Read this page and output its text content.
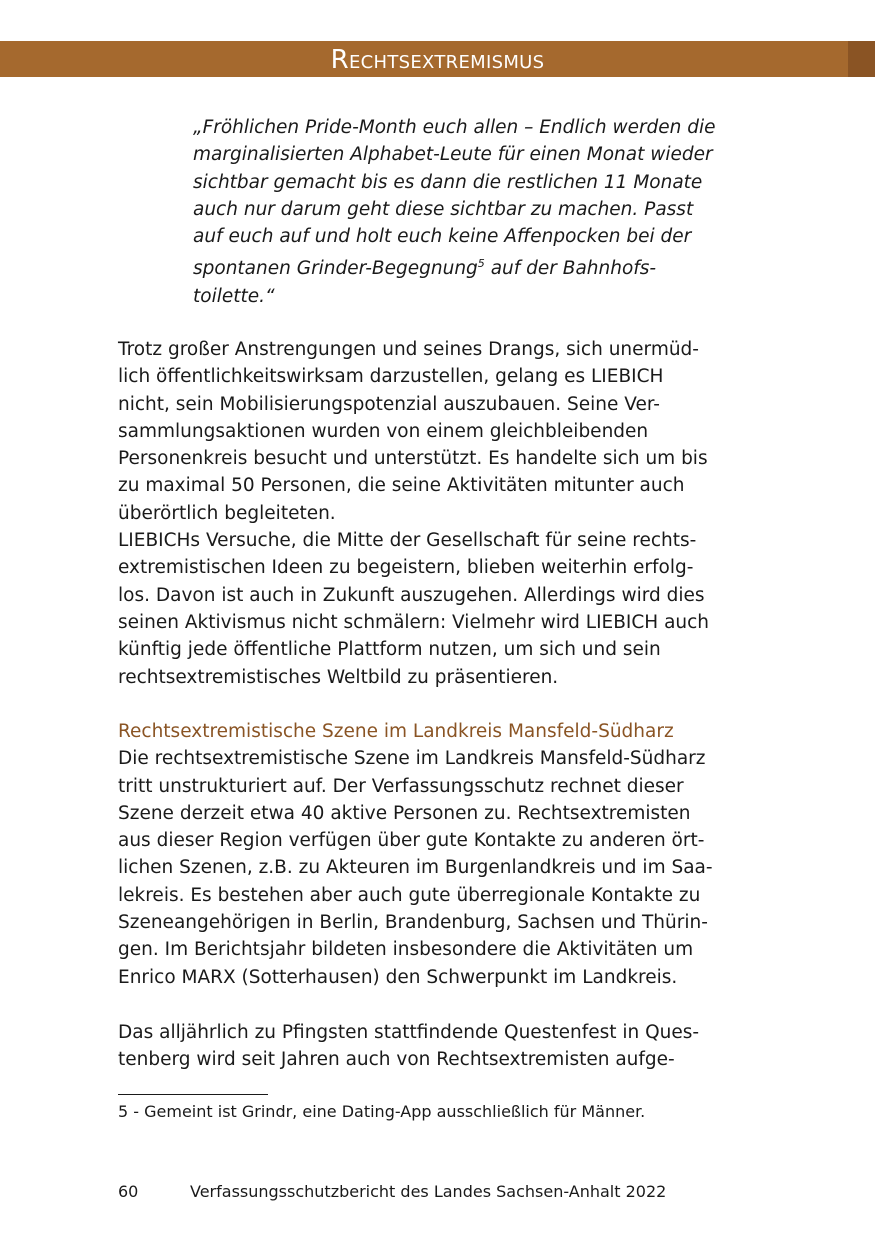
Rechtsextremismus

„Fröhlichen Pride-Month euch allen – Endlich werden die

marginalisierten Alphabet-Leute für einen Monat wieder

sichtbar gemacht bis es dann die restlichen 11 Monate

auch nur darum geht diese sichtbar zu machen. Passt

auf euch auf und holt euch keine Affenpocken bei der

spontanen Grinder-Begegnung$^5$ auf der Bahnhofs-

toilette.“

Trotz großer Anstrengungen und seines Drangs, sich unermüd-

lich öffentlichkeitswirksam darzustellen, gelang es LIEBICH

nicht, sein Mobilisierungspotenzial auszubauen. Seine Ver-

sammlungsaktionen wurden von einem gleichbleibenden

Personenkreis besucht und unterstützt. Es handelte sich um bis

zu maximal 50 Personen, die seine Aktivitäten mitunter auch

überörtlich begleiteten.

LIEBICHs Versuche, die Mitte der Gesellschaft für seine rechts-

extremistischen Ideen zu begeistern, blieben weiterhin erfolg-

los. Davon ist auch in Zukunft auszugehen. Allerdings wird dies

seinen Aktivismus nicht schmälern: Vielmehr wird LIEBICH auch

künftig jede öffentliche Plattform nutzen, um sich und sein

rechtsextremistisches Weltbild zu präsentieren.

Rechtsextremistische Szene im Landkreis Mansfeld-Südharz

Die rechtsextremistische Szene im Landkreis Mansfeld-Südharz

tritt unstrukturiert auf. Der Verfassungsschutz rechnet dieser

Szene derzeit etwa 40 aktive Personen zu. Rechtsextremisten

aus dieser Region verfügen über gute Kontakte zu anderen ört-

lichen Szenen, z.B. zu Akteuren im Burgenlandkreis und im Saa-

lekreis. Es bestehen aber auch gute überregionale Kontakte zu

Szeneangehörigen in Berlin, Brandenburg, Sachsen und Thürin-

gen. Im Berichtsjahr bildeten insbesondere die Aktivitäten um

Enrico MARX (Sotterhausen) den Schwerpunkt im Landkreis.

Das alljährlich zu Pfingsten stattfindende Questenfest in Ques-

tenberg wird seit Jahren auch von Rechtsextremisten aufge-

5 - Gemeint ist Grindr, eine Dating-App ausschließlich für Männer.
60	Verfassungsschutzbericht des Landes Sachsen-Anhalt 2022
